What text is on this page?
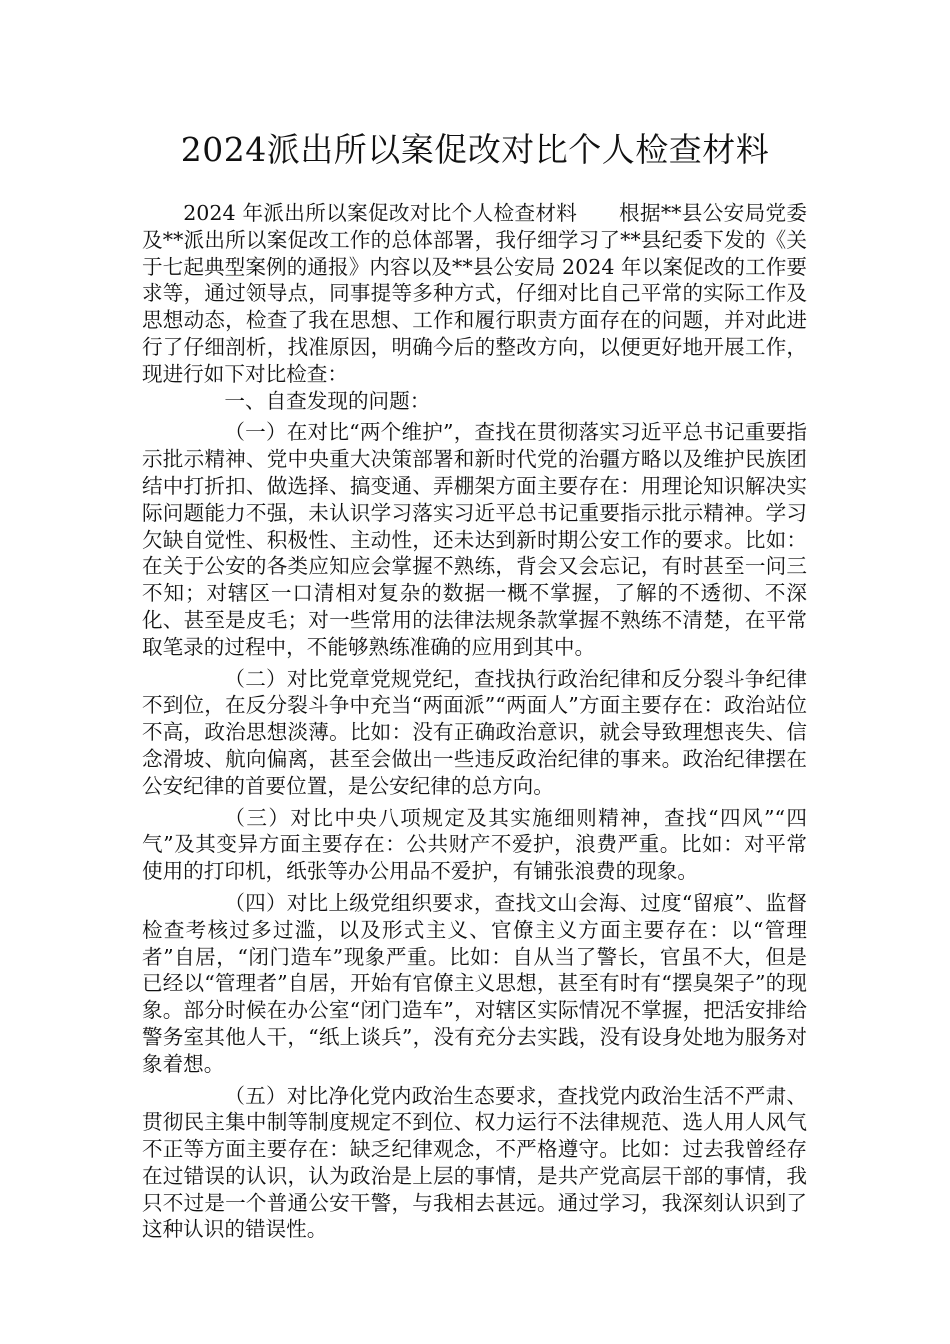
2024派出所以案促改对比个人检查材料

2024 年派出所以案促改对比个人检查材料　　根据**县公安局党委及**派出所以案促改工作的总体部署，我仔细学习了**县纪委下发的《关于七起典型案例的通报》内容以及**县公安局 2024 年以案促改的工作要求等，通过领导点，同事提等多种方式，仔细对比自己平常的实际工作及思想动态，检查了我在思想、工作和履行职责方面存在的问题，并对此进行了仔细剖析，找准原因，明确今后的整改方向，以便更好地开展工作，现进行如下对比检查：

一、自查发现的问题：

（一）在对比“两个维护”，查找在贯彻落实习近平总书记重要指示批示精神、党中央重大决策部署和新时代党的治疆方略以及维护民族团结中打折扣、做选择、搞变通、弄棚架方面主要存在：用理论知识解决实际问题能力不强，未认识学习落实习近平总书记重要指示批示精神。学习欠缺自觉性、积极性、主动性，还未达到新时期公安工作的要求。比如：在关于公安的各类应知应会掌握不熟练，背会又会忘记，有时甚至一问三不知；对辖区一口清相对复杂的数据一概不掌握，了解的不透彻、不深化、甚至是皮毛；对一些常用的法律法规条款掌握不熟练不清楚，在平常取笔录的过程中，不能够熟练准确的应用到其中。

（二）对比党章党规党纪，查找执行政治纪律和反分裂斗争纪律不到位，在反分裂斗争中充当“两面派”“两面人”方面主要存在：政治站位不高，政治思想淡薄。比如：没有正确政治意识，就会导致理想丧失、信念滑坡、航向偏离，甚至会做出一些违反政治纪律的事来。政治纪律摆在公安纪律的首要位置，是公安纪律的总方向。

（三）对比中央八项规定及其实施细则精神，查找“四风”“四气”及其变异方面主要存在：公共财产不爱护，浪费严重。比如：对平常使用的打印机，纸张等办公用品不爱护，有铺张浪费的现象。

（四）对比上级党组织要求，查找文山会海、过度“留痕”、监督检查考核过多过滥，以及形式主义、官僚主义方面主要存在：以“管理者”自居，“闭门造车”现象严重。比如：自从当了警长，官虽不大，但是已经以“管理者”自居，开始有官僚主义思想，甚至有时有“摆臭架子”的现象。部分时候在办公室“闭门造车”，对辖区实际情况不掌握，把活安排给警务室其他人干，“纸上谈兵”，没有充分去实践，没有设身处地为服务对象着想。

（五）对比净化党内政治生态要求，查找党内政治生活不严肃、贯彻民主集中制等制度规定不到位、权力运行不法律规范、选人用人风气不正等方面主要存在：缺乏纪律观念，不严格遵守。比如：过去我曾经存在过错误的认识，认为政治是上层的事情，是共产党高层干部的事情，我只不过是一个普通公安干警，与我相去甚远。通过学习，我深刻认识到了这种认识的错误性。
